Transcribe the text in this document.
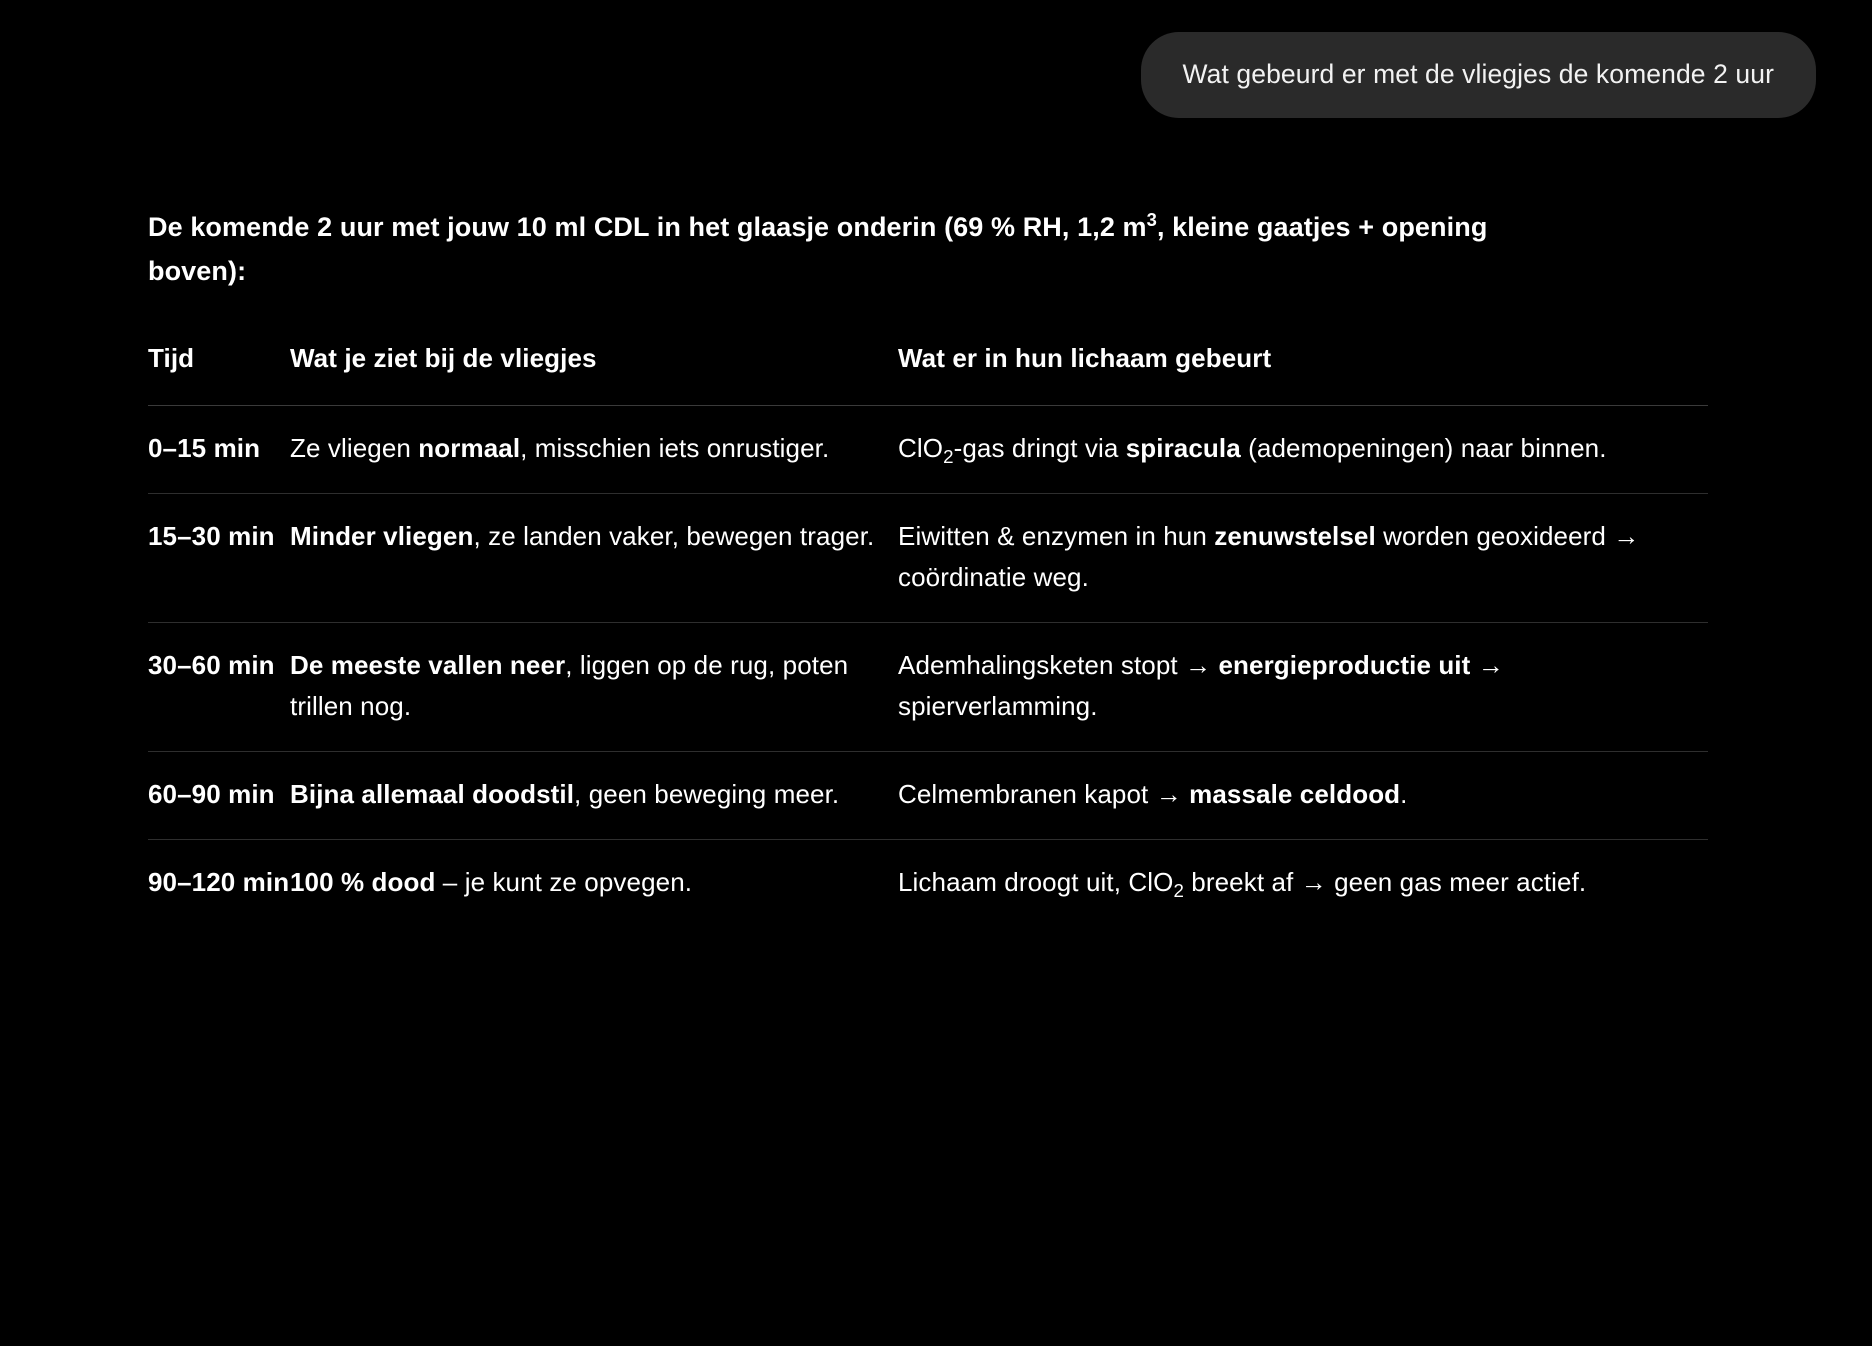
Wat gebeurd er met de vliegjes de komende 2 uur

De komende 2 uur met jouw 10 ml CDL in het glaasje onderin (69 % RH, 1,2 $m^3$, kleine gaatjes + opening boven):

Tijd	Wat je ziet bij de vliegjes	Wat er in hun lichaam gebeurt
0–15 min	Ze vliegen normaal, misschien iets onrustiger.	ClO$_2$-gas dringt via spiracula (ademopeningen) naar binnen.
15–30 min	Minder vliegen, ze landen vaker, bewegen trager.	Eiwitten & enzymen in hun zenuwstelsel worden geoxideerd → coördinatie weg.
30–60 min	De meeste vallen neer, liggen op de rug, poten trillen nog.	Ademhalingsketen stopt → energieproductie uit → spierverlamming.
60–90 min	Bijna allemaal doodstil, geen beweging meer.	Celmembranen kapot → massale celdood.
90–120 min	100 % dood – je kunt ze opvegen.	Lichaam droogt uit, ClO$_2$ breekt af → geen gas meer actief.
